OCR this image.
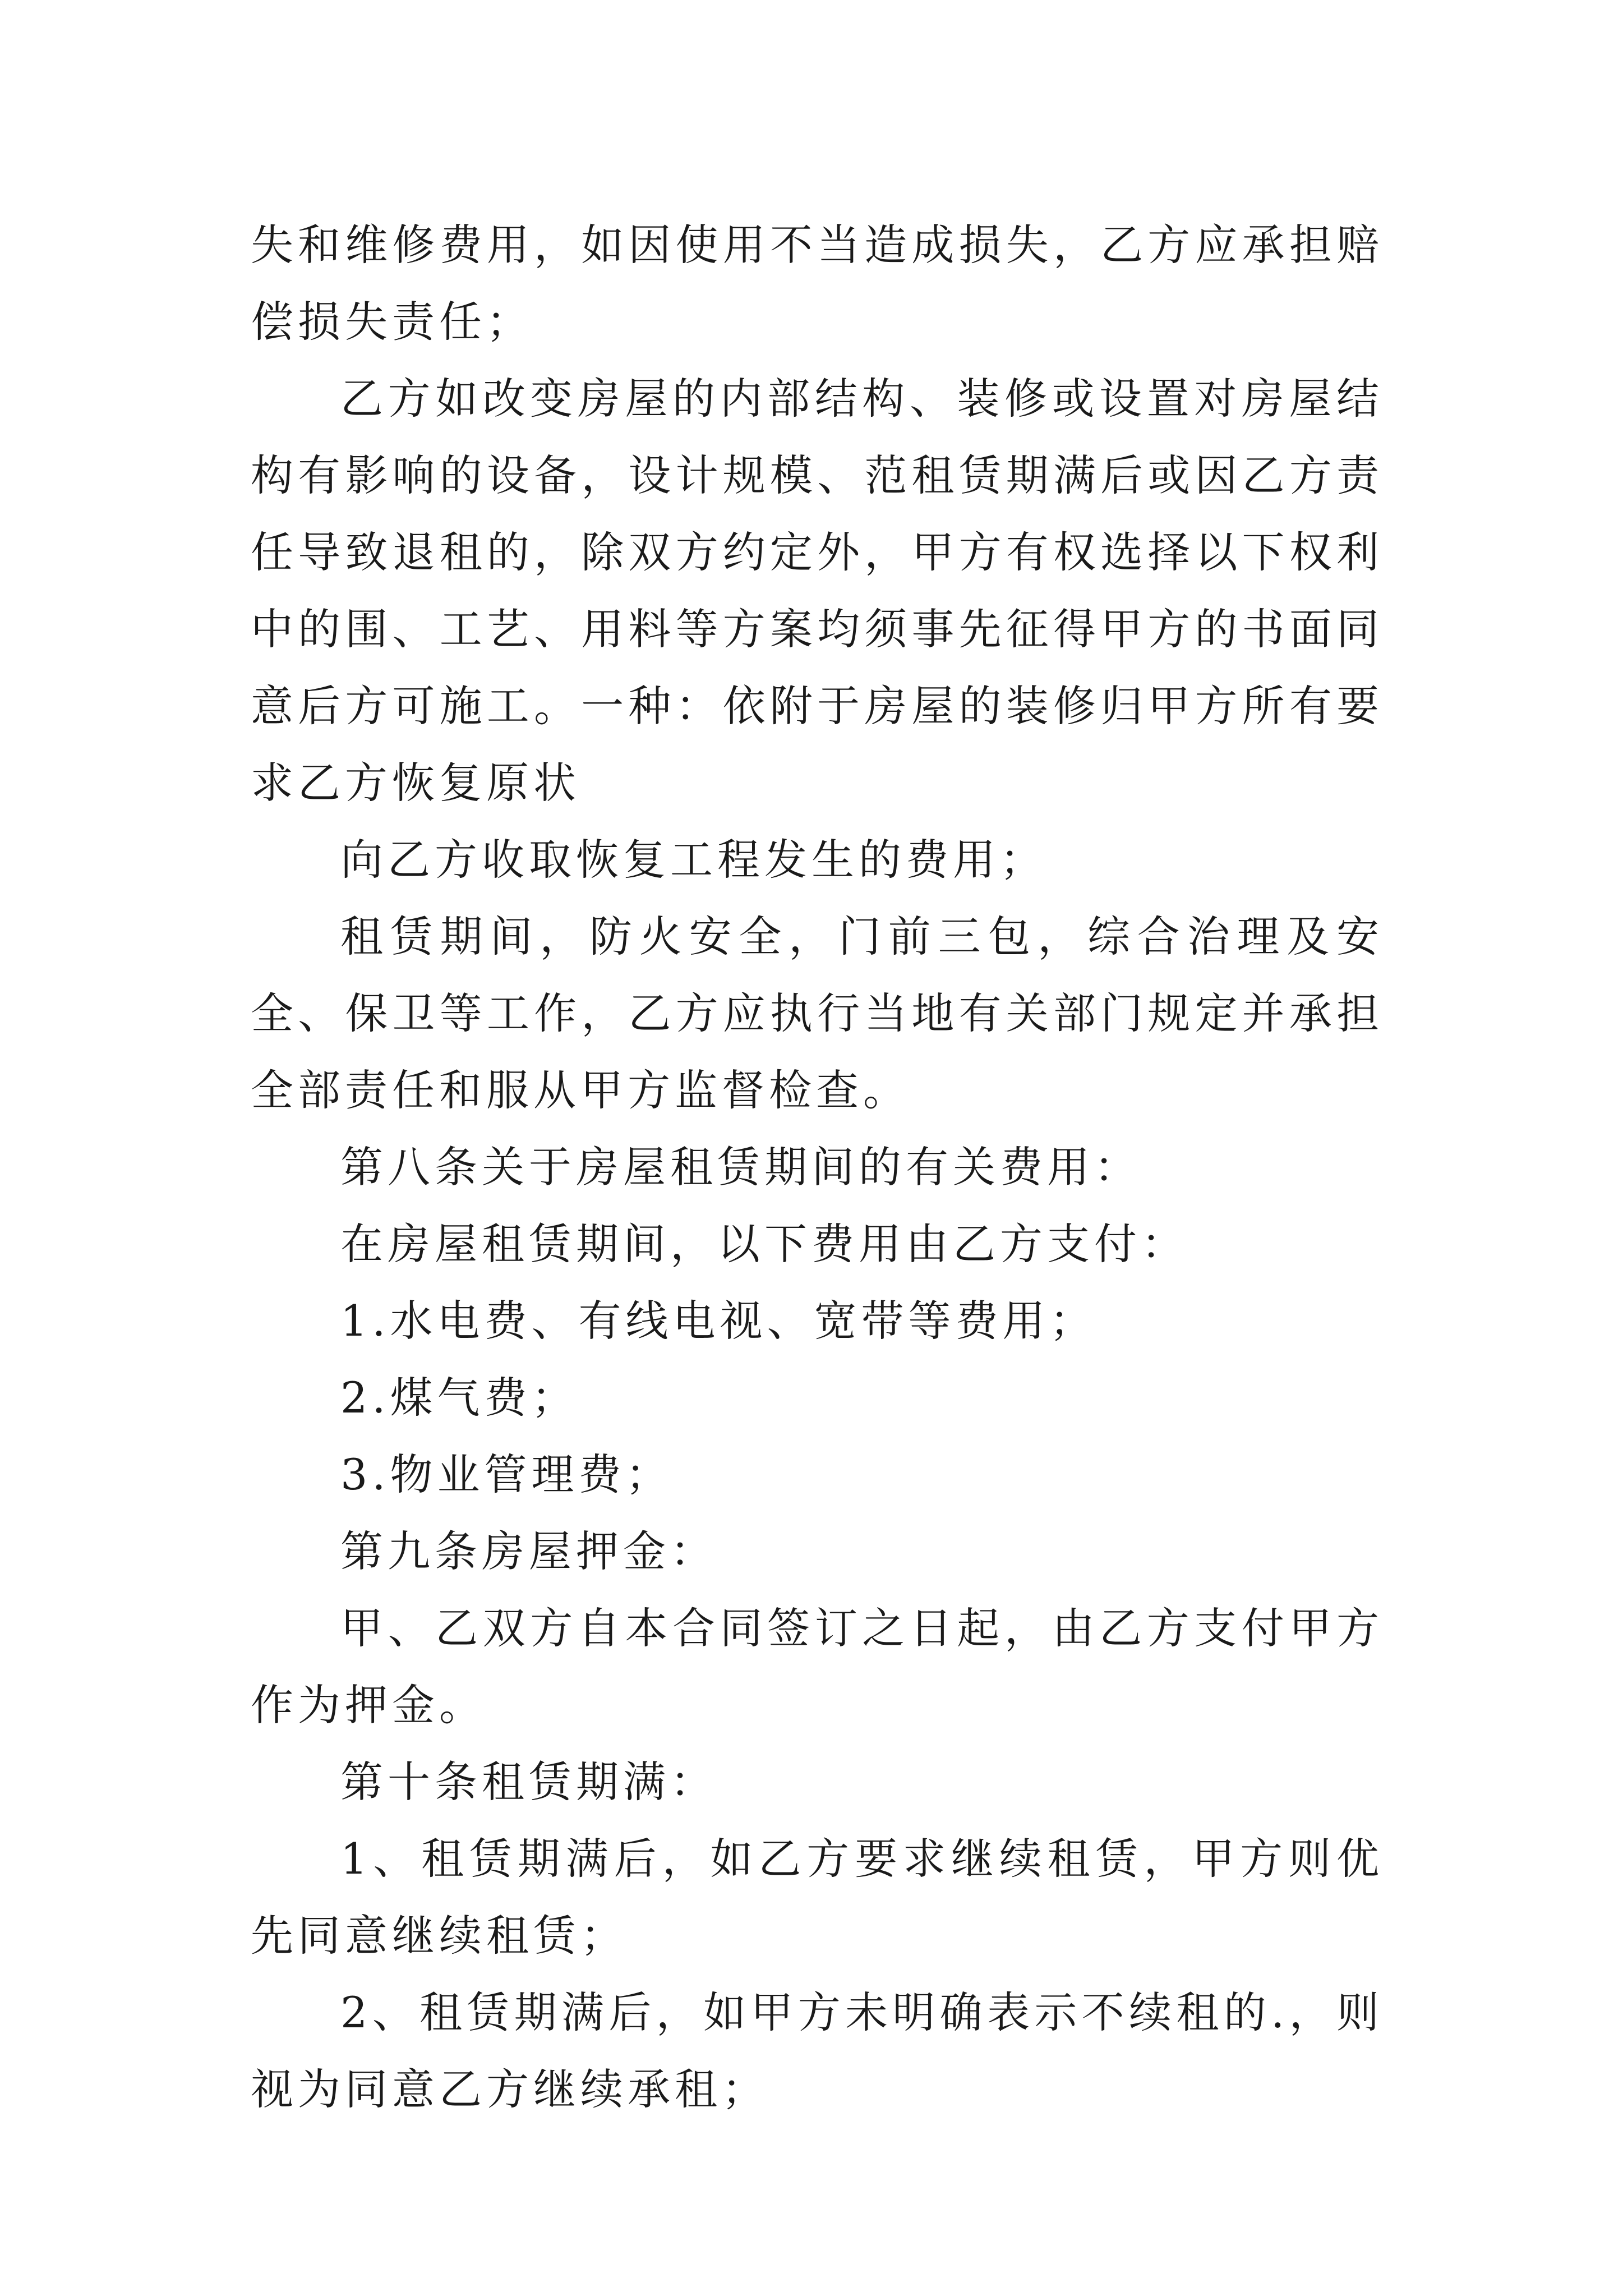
失和维修费用，如因使用不当造成损失，乙方应承担赔偿损失责任；

乙方如改变房屋的内部结构、装修或设置对房屋结构有影响的设备，设计规模、范租赁期满后或因乙方责任导致退租的，除双方约定外，甲方有权选择以下权利中的围、工艺、用料等方案均须事先征得甲方的书面同意后方可施工。一种：依附于房屋的装修归甲方所有要求乙方恢复原状

向乙方收取恢复工程发生的费用；

租赁期间，防火安全，门前三包，综合治理及安全、保卫等工作，乙方应执行当地有关部门规定并承担全部责任和服从甲方监督检查。

第八条关于房屋租赁期间的有关费用：

在房屋租赁期间，以下费用由乙方支付：

1.水电费、有线电视、宽带等费用；

2.煤气费；

3.物业管理费；

第九条房屋押金：

甲、乙双方自本合同签订之日起，由乙方支付甲方作为押金。

第十条租赁期满：

1、租赁期满后，如乙方要求继续租赁，甲方则优先同意继续租赁；

2、租赁期满后，如甲方未明确表示不续租的.，则视为同意乙方继续承租；
